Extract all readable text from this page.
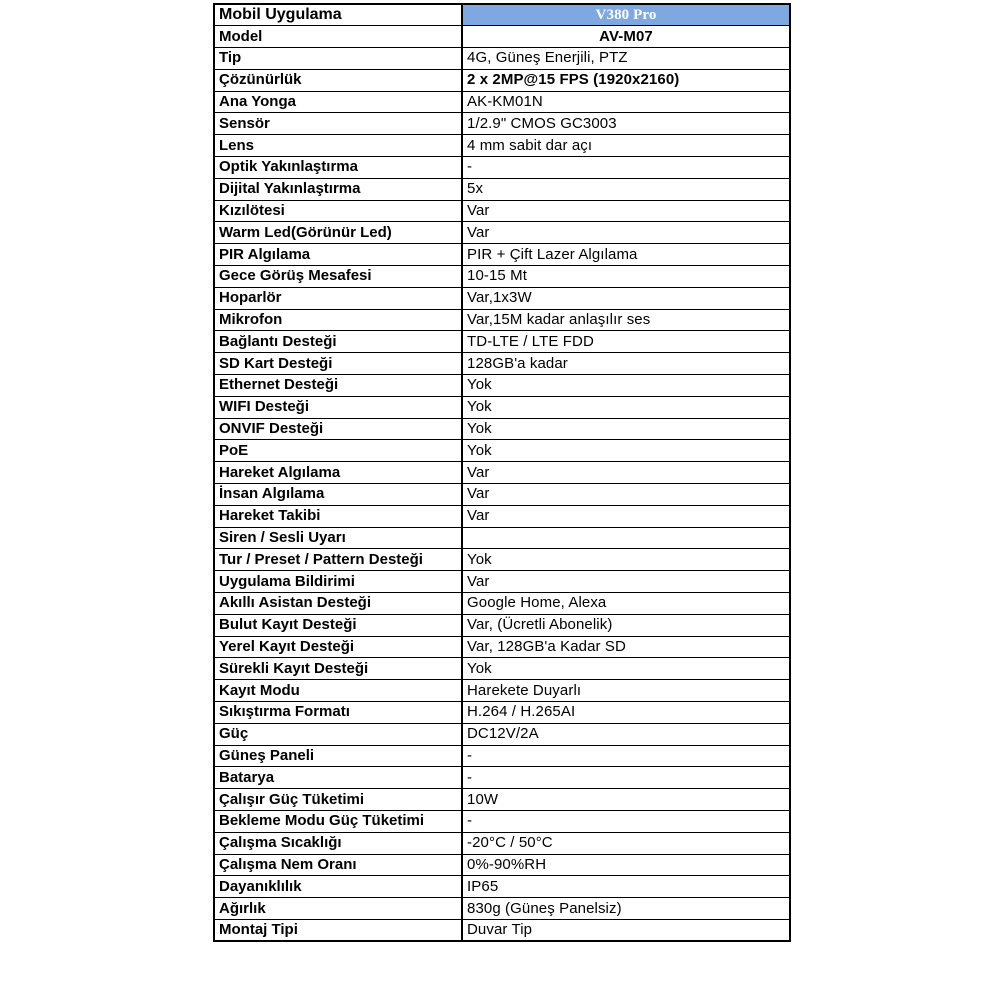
Mobil Uygulama	V380 Pro
Model	AV-M07
Tip	4G, Güneş Enerjili, PTZ
Çözünürlük	2 x 2MP@15 FPS (1920x2160)
Ana Yonga	AK-KM01N
Sensör	1/2.9" CMOS GC3003
Lens	4 mm sabit dar açı
Optik Yakınlaştırma	-
Dijital Yakınlaştırma	5x
Kızılötesi	Var
Warm Led(Görünür Led)	Var
PIR Algılama	PIR + Çift Lazer Algılama
Gece Görüş Mesafesi	10-15 Mt
Hoparlör	Var,1x3W
Mikrofon	Var,15M kadar anlaşılır ses
Bağlantı Desteği	TD-LTE / LTE FDD
SD Kart Desteği	128GB'a kadar
Ethernet Desteği	Yok
WIFI Desteği	Yok
ONVIF Desteği	Yok
PoE	Yok
Hareket Algılama	Var
İnsan Algılama	Var
Hareket Takibi	Var
Siren / Sesli Uyarı	
Tur / Preset / Pattern Desteği	Yok
Uygulama Bildirimi	Var
Akıllı Asistan Desteği	Google Home, Alexa
Bulut Kayıt Desteği	Var, (Ücretli Abonelik)
Yerel Kayıt Desteği	Var, 128GB'a Kadar SD
Sürekli Kayıt Desteği	Yok
Kayıt Modu	Harekete Duyarlı
Sıkıştırma Formatı	H.264 / H.265AI
Güç	DC12V/2A
Güneş Paneli	-
Batarya	-
Çalışır Güç Tüketimi	10W
Bekleme Modu Güç Tüketimi	-
Çalışma Sıcaklığı	-20°C / 50°C
Çalışma Nem Oranı	0%-90%RH
Dayanıklılık	IP65
Ağırlık	830g (Güneş Panelsiz)
Montaj Tipi	Duvar Tip
